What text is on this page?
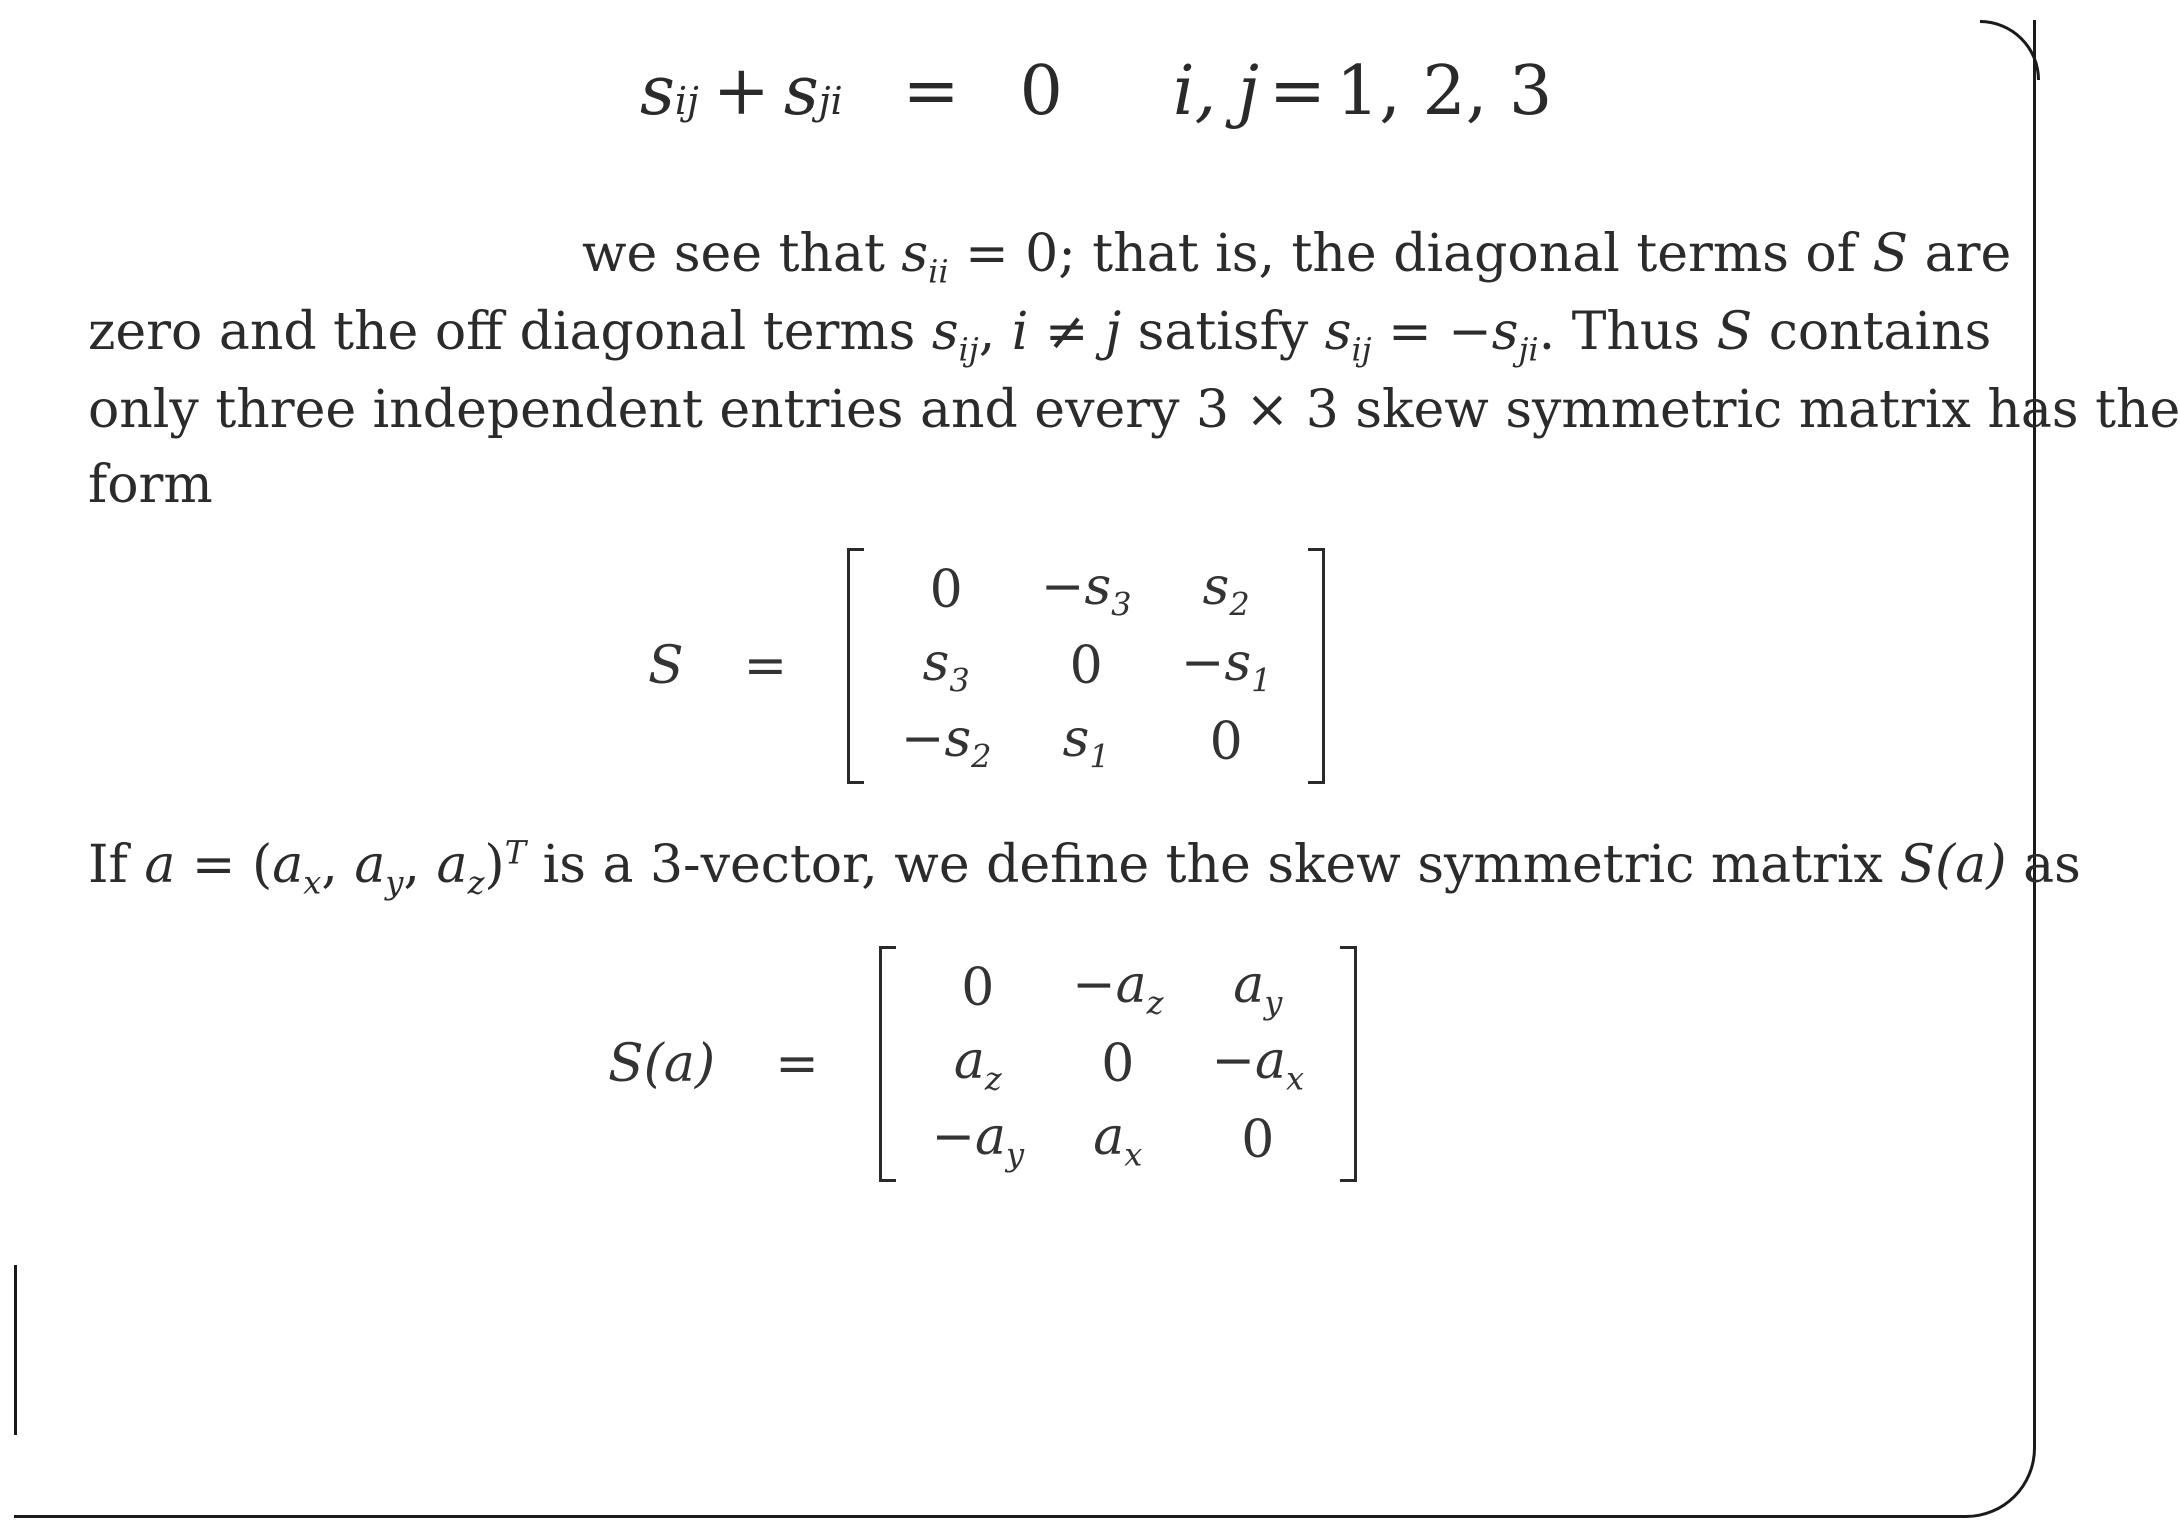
s ij + s ji = 0 i, j = 1, 2, 3
we see that $s_{ii} = 0$; that is, the diagonal terms of S are
zero and the off diagonal terms $s_{ij}$, i ≠ j satisfy $s_{ij} = -s_{ji}$. Thus S contains
only three independent entries and every 3 × 3 skew symmetric matrix has the
form
S =
$0 -s_3$ $s_2$
$s_3$ $0 -s_1$
$-s_2$ $s_1$ 0
If $a = (a_x$, $a_y$, $a_z)^T$ is a 3-vector, we define the skew symmetric matrix S(a) as
S(a) =
$0 -a_z$ $a_y$
$a_z$ $0 -a_x$
$-a_y$ $a_x$ 0
